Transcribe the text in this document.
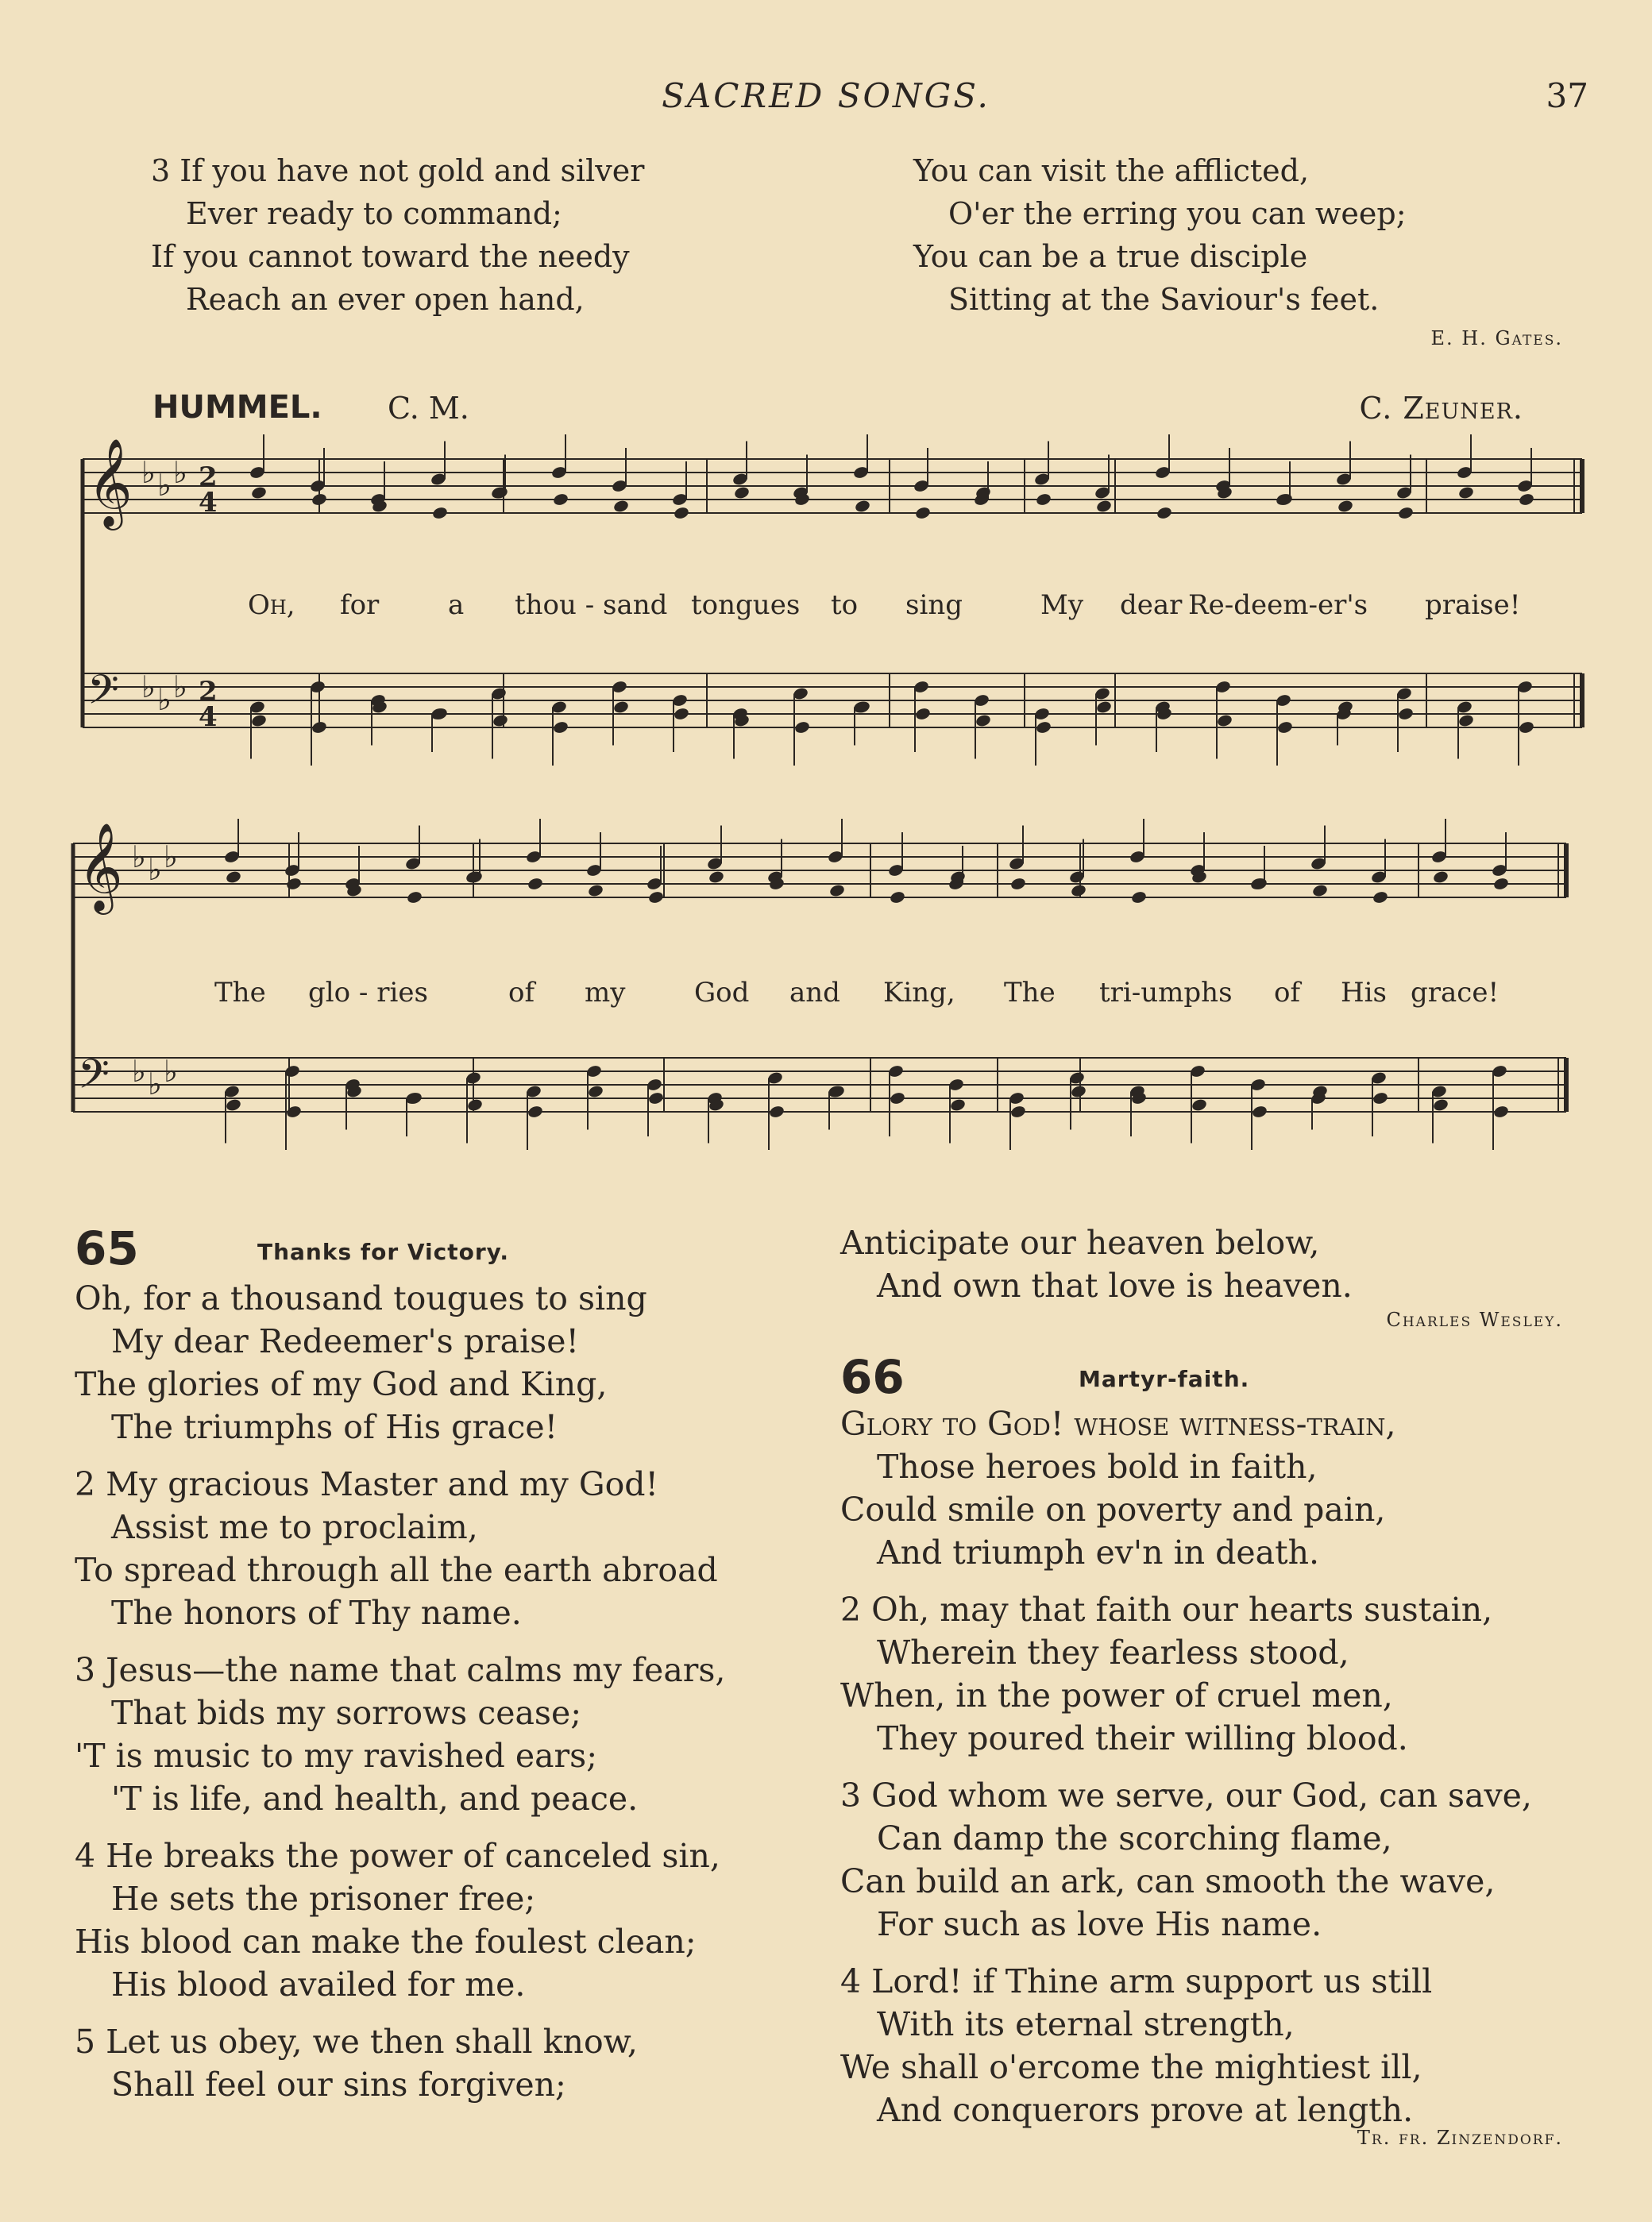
SACRED SONGS.	37
3 If you have not gold and silver
Ever ready to command;
If you cannot toward the needy
Reach an ever open hand,
You can visit the afflicted,
O'er the erring you can weep;
You can be a true disciple
Sitting at the Saviour's feet.
E. H. Gates.
HUMMEL. C. M.	C. Zeuner.
𝄞 ♭ ♭ ♭ 2
4
𝄢 ♭ ♭ ♭ 2
4
𝄞 ♭ ♭ ♭
𝄢 ♭ ♭ ♭
Oh, for	a thou - sand tongues to sing	My dear Re-deem-er's praise!
The glo - ries	of my	God and King, The tri-umphs of His grace!
65	Thanks for Victory.
Oh, for a thousand tougues to sing
My dear Redeemer's praise!
The glories of my God and King,
The triumphs of His grace!
2 My gracious Master and my God!
Assist me to proclaim,
To spread through all the earth abroad
The honors of Thy name.
3 Jesus—the name that calms my fears,
That bids my sorrows cease;
'T is music to my ravished ears;
'T is life, and health, and peace.
4 He breaks the power of canceled sin,
He sets the prisoner free;
His blood can make the foulest clean;
His blood availed for me.
5 Let us obey, we then shall know,
Shall feel our sins forgiven;
Anticipate our heaven below,
And own that love is heaven.
Charles Wesley.
66	Martyr-faith.
Glory to God! whose witness-train,
Those heroes bold in faith,
Could smile on poverty and pain,
And triumph ev'n in death.
2 Oh, may that faith our hearts sustain,
Wherein they fearless stood,
When, in the power of cruel men,
They poured their willing blood.
3 God whom we serve, our God, can save,
Can damp the scorching flame,
Can build an ark, can smooth the wave,
For such as love His name.
4 Lord! if Thine arm support us still
With its eternal strength,
We shall o'ercome the mightiest ill,
And conquerors prove at length.
Tr. fr. Zinzendorf.
